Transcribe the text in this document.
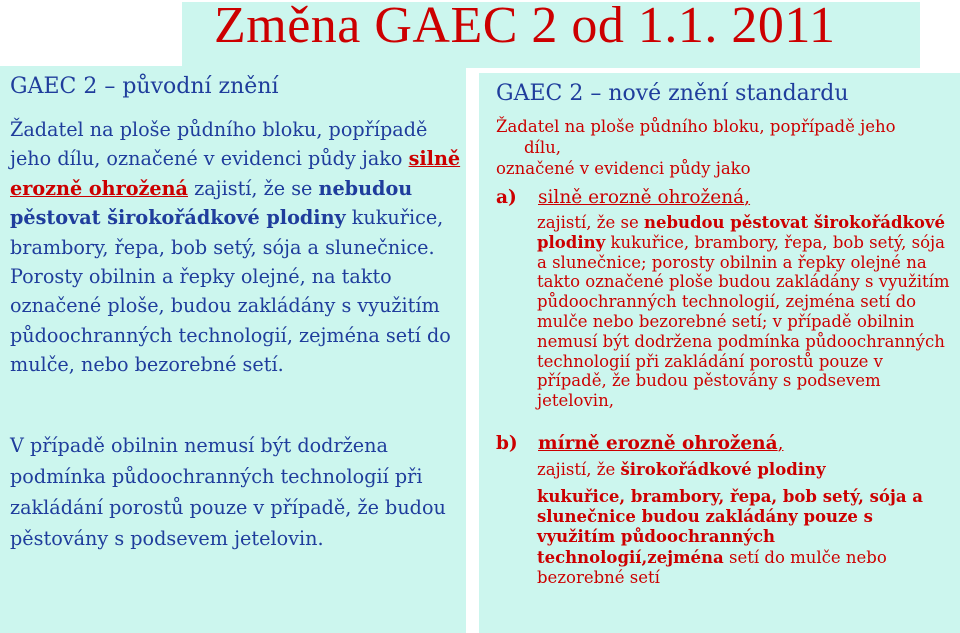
Změna GAEC 2 od 1.1. 2011
GAEC 2 – původní znění
Žadatel na ploše půdního bloku, popřípadě jeho dílu, označené v evidenci půdy jako silně erozně ohrožená zajistí, že se nebudou pěstovat širokořádkové plodiny kukuřice, brambory, řepa, bob setý, sója a slunečnice. Porosty obilnin a řepky olejné, na takto označené ploše, budou zakládány s využitím půdoochranných technologií, zejména setí do mulče, nebo bezorebné setí.
V případě obilnin nemusí být dodržena podmínka půdoochranných technologií při zakládání porostů pouze v případě, že budou pěstovány s podsevem jetelovin.
GAEC 2 – nové znění standardu
Žadatel na ploše půdního bloku, popřípadě jeho
dílu,
označené v evidenci půdy jako
a) silně erozně ohrožená,
zajistí, že se nebudou pěstovat širokořádkové plodiny kukuřice, brambory, řepa, bob setý, sója a slunečnice; porosty obilnin a řepky olejné na takto označené ploše budou zakládány s využitím půdoochranných technologií, zejména setí do mulče nebo bezorebné setí; v případě obilnin nemusí být dodržena podmínka půdoochranných technologií při zakládání porostů pouze v případě, že budou pěstovány s podsevem jetelovin,
b) mírně erozně ohrožená,
zajistí, že širokořádkové plodiny
kukuřice, brambory, řepa, bob setý, sója a slunečnice budou zakládány pouze s využitím půdoochranných technologií,zejména setí do mulče nebo bezorebné setí
